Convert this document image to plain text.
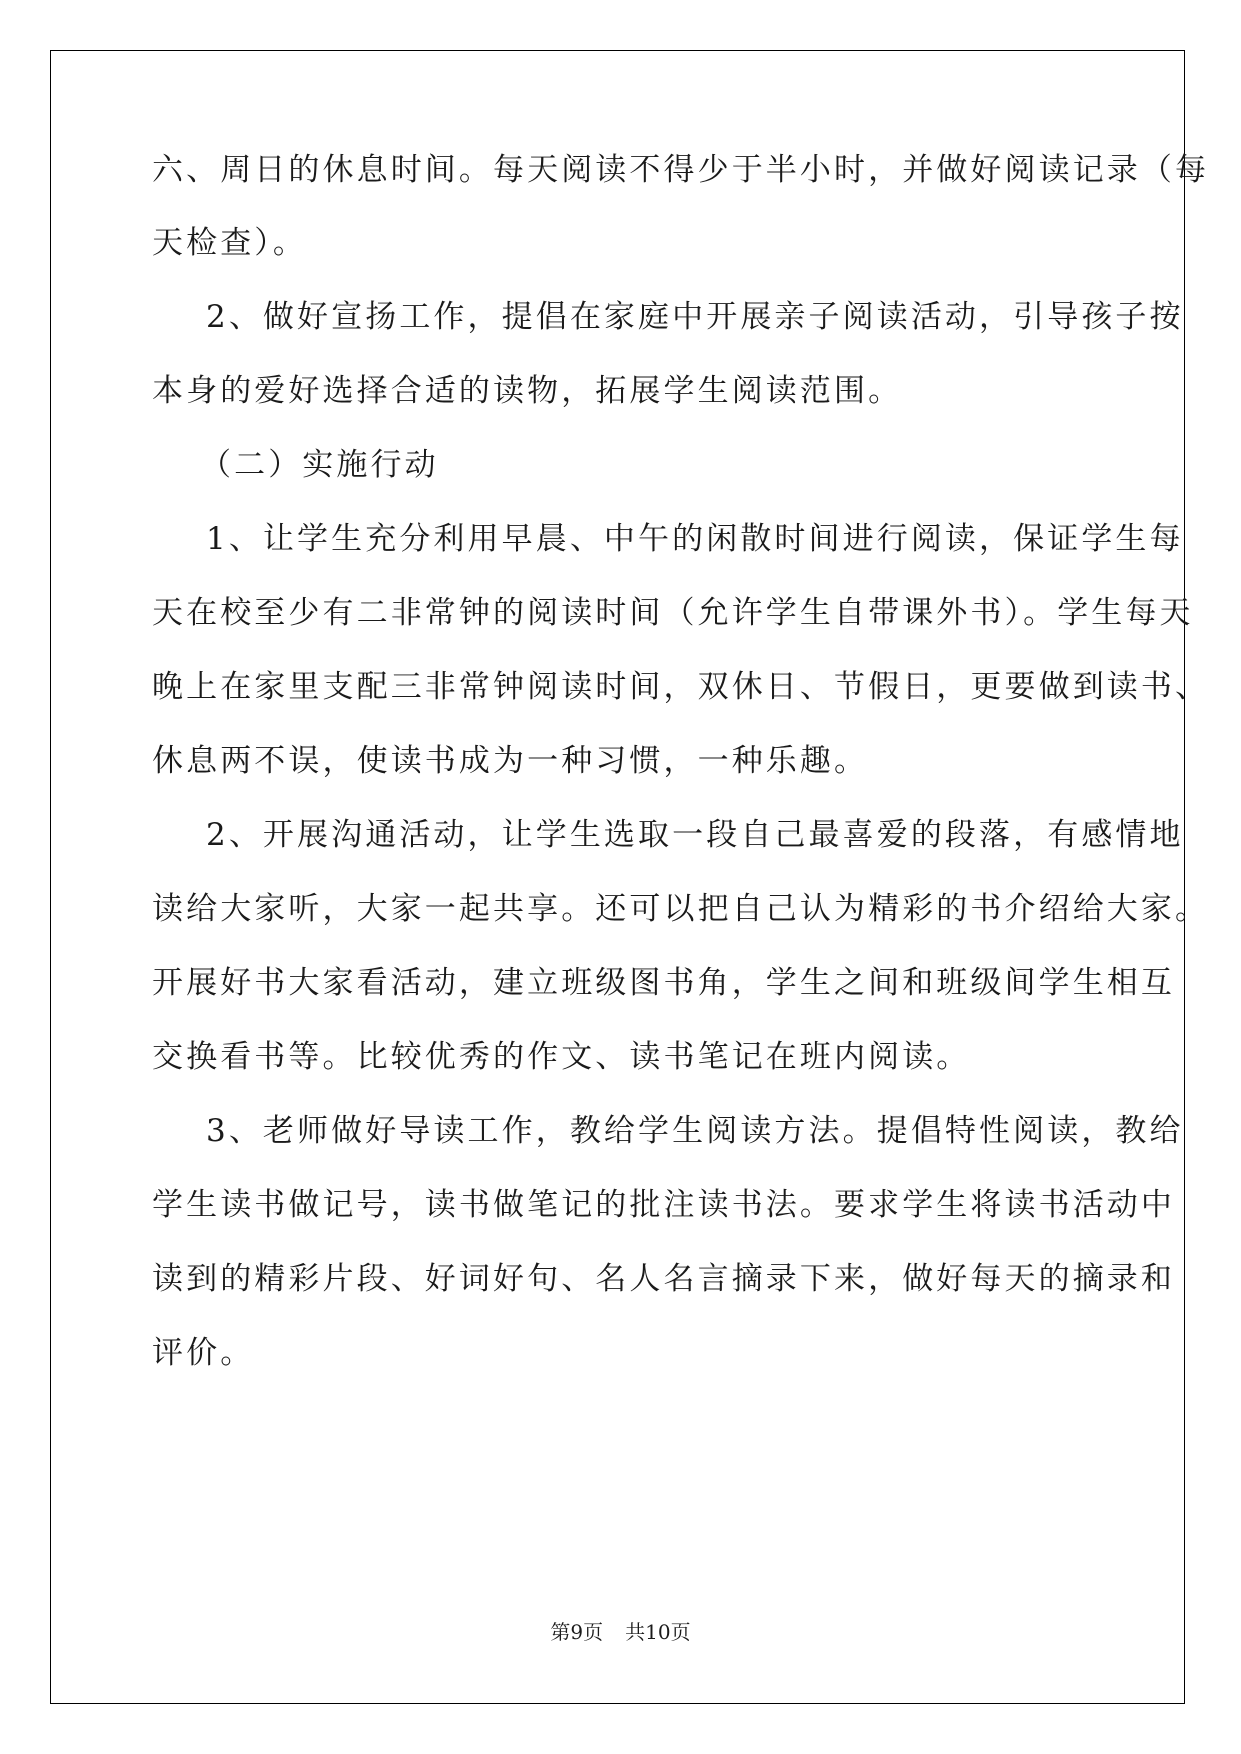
六、周日的休息时间。每天阅读不得少于半小时，并做好阅读记录（每
天检查）。
2、做好宣扬工作，提倡在家庭中开展亲子阅读活动，引导孩子按
本身的爱好选择合适的读物，拓展学生阅读范围。
（二）实施行动
1、让学生充分利用早晨、中午的闲散时间进行阅读，保证学生每
天在校至少有二非常钟的阅读时间（允许学生自带课外书）。学生每天
晚上在家里支配三非常钟阅读时间，双休日、节假日，更要做到读书、
休息两不误，使读书成为一种习惯，一种乐趣。
2、开展沟通活动，让学生选取一段自己最喜爱的段落，有感情地
读给大家听，大家一起共享。还可以把自己认为精彩的书介绍给大家。
开展好书大家看活动，建立班级图书角，学生之间和班级间学生相互
交换看书等。比较优秀的作文、读书笔记在班内阅读。
3、老师做好导读工作，教给学生阅读方法。提倡特性阅读，教给
学生读书做记号，读书做笔记的批注读书法。要求学生将读书活动中
读到的精彩片段、好词好句、名人名言摘录下来，做好每天的摘录和
评价。
第9页 共10页
